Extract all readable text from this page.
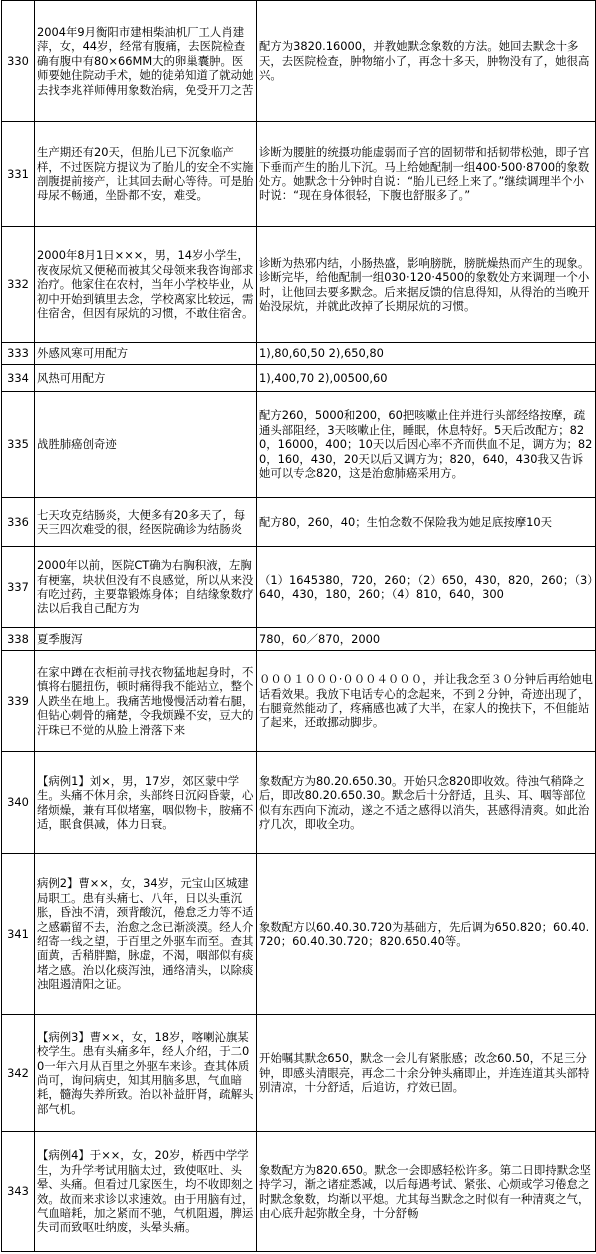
330	2004年9月衡阳市建相柴油机厂工人肖建萍，女，44岁，经常有腹痛，去医院检查确有腹中有80×66MM大的卵巢囊肿。医师要她住院动手术，她的徒弟知道了就动她去找李兆祥师傅用象数治病，免受开刀之苦	配方为3820.16000，并教她默念象数的方法。她回去默念十多天，去医院检查，肿物缩小了，再念十多天，肿物没有了，她很高兴。
331	生产期还有20天，但胎儿已下沉象临产样，不过医院方提议为了胎儿的安全不实施剖腹提前接产，让其回去耐心等待。可是胎母尿不畅通，坐卧都不安，难受。	诊断为腰脏的统摄功能虚弱而子宫的固韧带和括韧带松弛，即子宫下垂而产生的胎儿下沉。马上给她配制一组400·500·8700的象数处方。她默念十分钟时自说：“胎儿已经上来了。”继续调理半个小时说：“现在身体很轻，下腹也舒服多了。”
332	2000年8月1日×××，男，14岁小学生，夜夜尿炕又便秘而被其父母领来我咨询部求治疗。他家住在农村，当年小学校毕业，从初中开始到镇里去念，学校离家比较远，需住宿舍，但因有尿炕的习惯，不敢住宿舍。	诊断为热邪内结，小肠热盛，影响膀胱，膀胱燥热而产生的现象。诊断完毕，给他配制一组030·120·4500的象数处方来调理一个小时，让他回去要多默念。后来据反馈的信息得知，从得治的当晚开始没尿炕，并就此改掉了长期尿炕的习惯。
333	外感风寒可用配方	1),80,60,50 2),650,80
334	风热可用配方	1),400,70 2),00500,60
335	战胜肺癌创奇迹	配方260，5000和200，60把咳嗽止住并进行头部经络按摩，疏通头部阻经，3天咳嗽止住，睡眠，休息特好。5天后改配方；820，16000，400；10天以后因心率不齐而供血不足，调方为；820，160，430，20天以后又调方为；820，640，430我又告诉她可以专念820，这是治愈肺癌采用方。
336	七天攻克结肠炎，大便多有20多天了，每天三四次难受的很，经医院确诊为结肠炎	配方80，260，40；生怕念数不保险我为她足底按摩10天
337	2000年以前，医院CT确为右胸积液，左胸有梗塞，块状但没有不良感觉，所以从来没有吃过药，主要靠锻炼身体；自结缘象数疗法以后我自己配方为	（1）1645380，720，260；（2）650，430，820，260；（3）640，430，180，260；（4）810，640，300
338	夏季腹泻	780，60／870，2000
339	在家中蹲在衣柜前寻找衣物猛地起身时，不慎将右腿扭伤，顿时痛得我不能站立，整个人跌坐在地上。我痛苦地慢慢活动着右腿，但钻心刺骨的痛楚，令我烦躁不安，豆大的汗珠已不觉的从脸上滑落下来	０００１０００·０００４０００，并让我念至３０分钟后再给她电话看效果。我放下电话专心的念起来，不到２分钟，奇迹出现了，右腿竟然能动了，疼痛感也减了大半，在家人的挽扶下，不但能站了起来，还敢挪动脚步。
340	【病例1】刘×，男，17岁，郊区蒙中学生。头痛不休月余，头部终日沉闷昏蒙，心绪烦燥，兼有耳似堵塞，咽似物卡，胺痛不适，眠食俱减，体力日衰。	象数配方为80.20.650.30。开始只念820即收效。待浊气稍降之后，即改80.20.650.30。默念后十分舒适，且头、耳、咽等部位似有东西向下流动，遂之不适之感得以消失，甚感得清爽。如此治疗几次，即收全功。
341	病例2】曹××，女，34岁，元宝山区城建局职工。患有头痛七、八年，日以头重沉胀，昏浊不清，颈背酸沉，倦怠乏力等不适之感霸留不去，治愈之念已渐淡漠。经人介绍寄一线之望，于百里之外驱车而至。查其面黄，舌稍胖黯，脉虚，不渴，咽部似有痰堵之感。治以化痰泻浊，通络清头，以除痰浊阻遏清阳之证。	象数配方以60.40.30.720为基础方，先后调为650.820；60.40.720；60.40.30.720；820.650.40等。
342	【病例3】曹××，女，18岁，喀喇沁旗某校学生。患有头痛多年，经人介绍，于二00一年六月从百里之外驱车来诊。查其体质尚可，询问病史，知其用脑多思，气血暗耗，髓海失养所致。治以补益肝肾，疏解头部气机。	开始嘱其默念650，默念一会儿有紧胀感；改念60.50，不足三分钟，即感头清眼亮，再念二十余分钟头痛即止，并连连道其头部特别清凉，十分舒适，后追访，疗效已固。
343	【病例4】于××，女，20岁，桥西中学学生，为升学考试用脑太过，致使呕吐、头晕、头痛。但看过几家医生，均不收即刻之效。故而来求诊以求速效。由于用脑有过，气血暗耗，加之紧而不驰，气机阻遏，脾运失司而致呕吐纳废，头晕头痛。	象数配方为820.650。默念一会即感轻松许多。第二日即持默念坚持学习，渐之诸症悉减，以后每遇考试、紧张、心烦或学习倦怠之时默念象数，均渐以平熄。尤其每当默念之时似有一种清爽之气，由心底升起弥散全身，十分舒畅
